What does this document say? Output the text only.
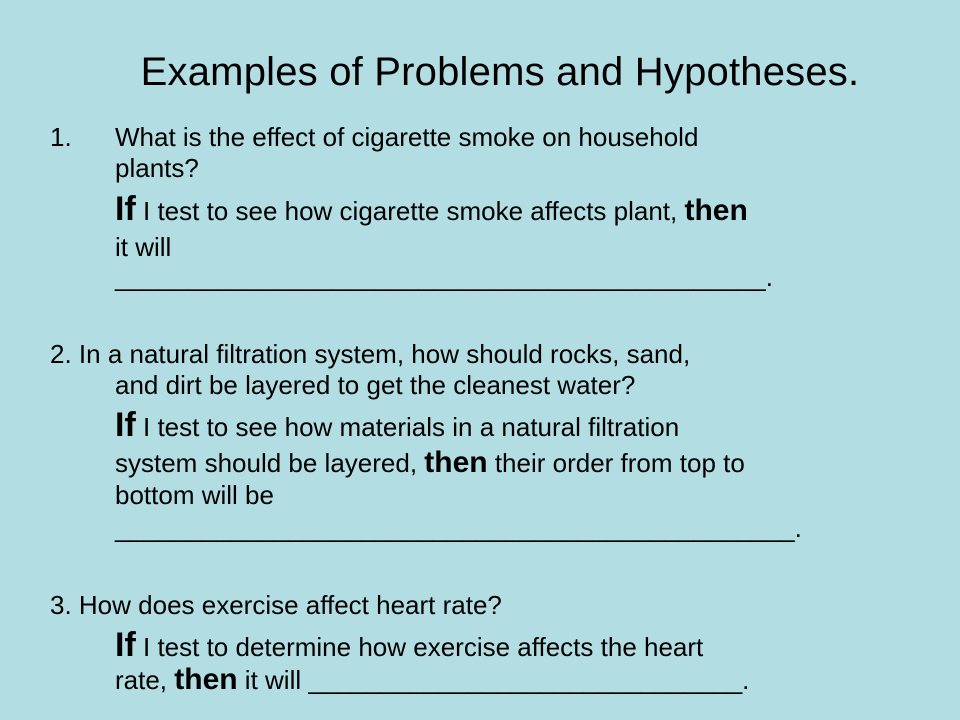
Examples of Problems and Hypotheses.
1. What is the effect of cigarette smoke on household
plants?
If I test to see how cigarette smoke affects plant, then
it will
_____________________________________________.
2. In a natural filtration system, how should rocks, sand,
and dirt be layered to get the cleanest water?
If I test to see how materials in a natural filtration
system should be layered, then their order from top to
bottom will be
_______________________________________________.
3. How does exercise affect heart rate?
If I test to determine how exercise affects the heart
rate, then it will ______________________________.
